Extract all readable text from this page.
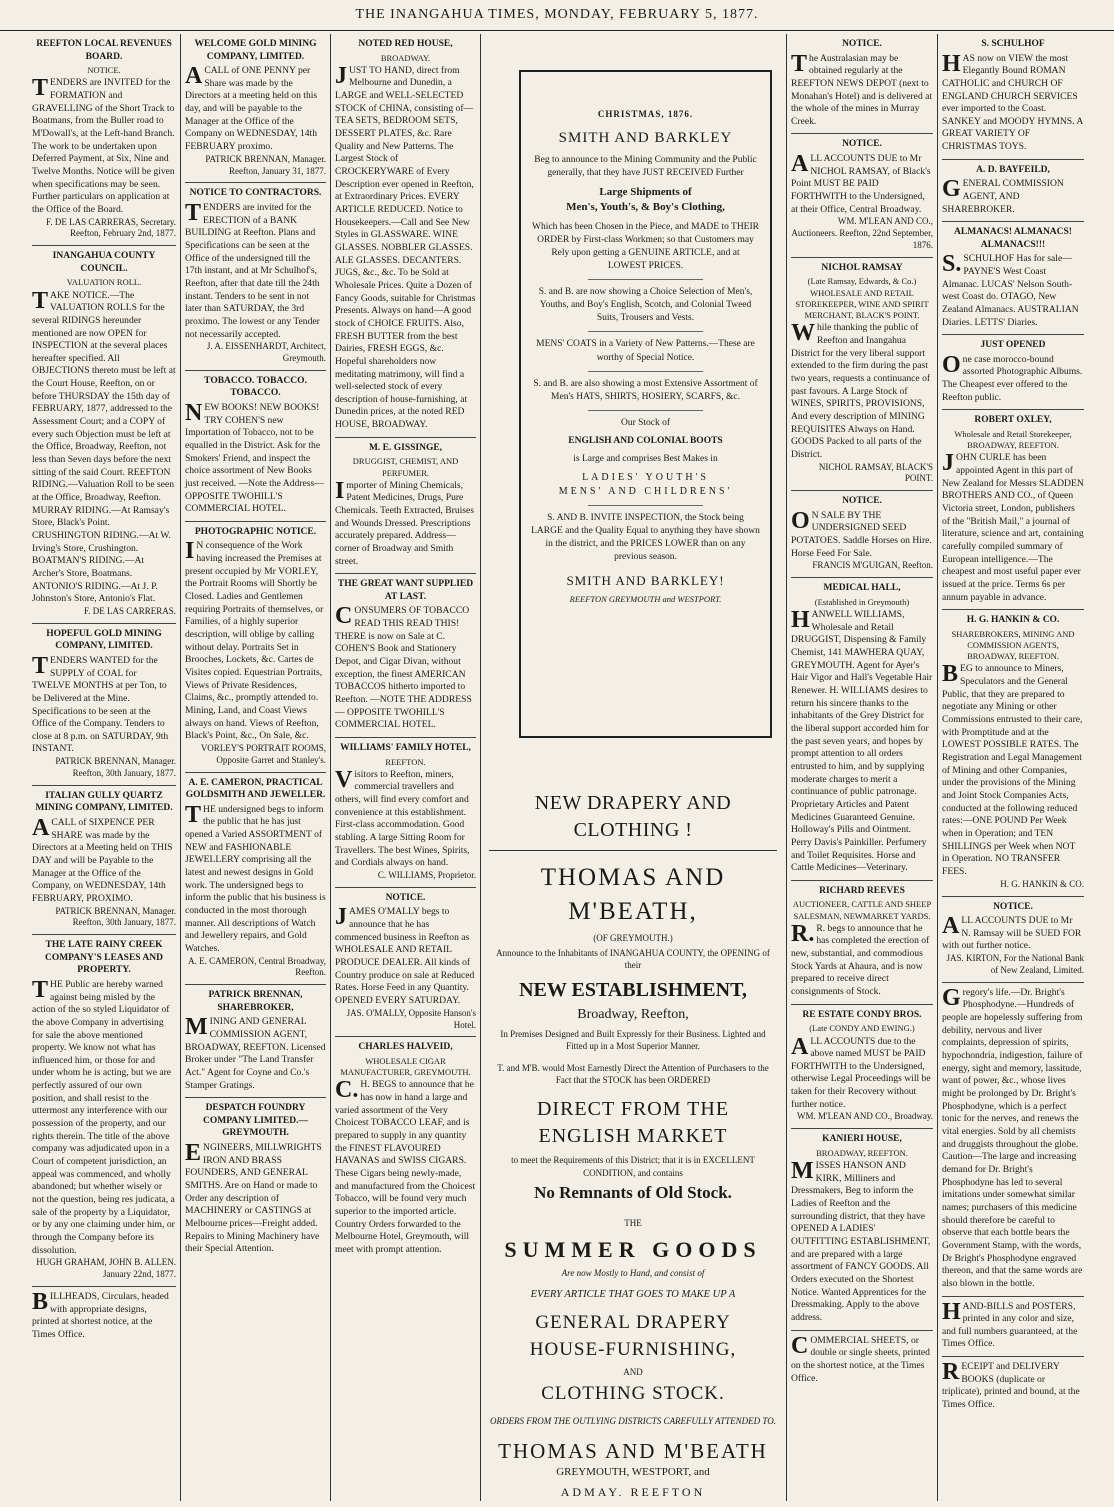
THE INANGAHUA TIMES, MONDAY, FEBRUARY 5, 1877.
REEFTON LOCAL REVENUES BOARD.
NOTICE.
TENDERS are INVITED for the FORMATION and GRAVELLING of the Short Track to Boatmans, from the Buller road to M'Dowall's, at the Left-hand Branch. The work to be undertaken upon Deferred Payment, at Six, Nine and Twelve Months. Notice will be given when specifications may be seen. Further particulars on application at the Office of the Board.
F. DE LAS CARRERAS, Secretary. Reefton, February 2nd, 1877.
INANGAHUA COUNTY COUNCIL.
VALUATION ROLL.
TAKE NOTICE.—The VALUATION ROLLS for the several RIDINGS hereunder mentioned are now OPEN for INSPECTION at the several places hereafter specified. All OBJECTIONS thereto must be left at the Court House, Reefton, on or before THURSDAY the 15th day of FEBRUARY, 1877, addressed to the Assessment Court; and a COPY of every such Objection must be left at the Office, Broadway, Reefton, not less than Seven days before the next sitting of the said Court. REEFTON RIDING.—Valuation Roll to be seen at the Office, Broadway, Reefton. MURRAY RIDING.—At Ramsay's Store, Black's Point. CRUSHINGTON RIDING.—At W. Irving's Store, Crushington. BOATMAN'S RIDING.—At Archer's Store, Boatmans. ANTONIO'S RIDING.—At J. P. Johnston's Store, Antonio's Flat.
F. DE LAS CARRERAS.
HOPEFUL GOLD MINING COMPANY, LIMITED.
TENDERS WANTED for the SUPPLY of COAL for TWELVE MONTHS at per Ton, to be Delivered at the Mine. Specifications to be seen at the Office of the Company. Tenders to close at 8 p.m. on SATURDAY, 9th INSTANT.
PATRICK BRENNAN, Manager. Reefton, 30th January, 1877.
ITALIAN GULLY QUARTZ MINING COMPANY, LIMITED.
ACALL of SIXPENCE PER SHARE was made by the Directors at a Meeting held on THIS DAY and will be Payable to the Manager at the Office of the Company, on WEDNESDAY, 14th FEBRUARY, PROXIMO.
PATRICK BRENNAN, Manager. Reefton, 30th January, 1877.
THE LATE RAINY CREEK COMPANY'S LEASES AND PROPERTY.
THE Public are hereby warned against being misled by the action of the so styled Liquidator of the above Company in advertising for sale the above mentioned property. We know not what has influenced him, or those for and under whom he is acting, but we are perfectly assured of our own position, and shall resist to the uttermost any interference with our possession of the property, and our rights therein. The title of the above company was adjudicated upon in a Court of competent jurisdiction, an appeal was commenced, and wholly abandoned; but whether wisely or not the question, being res judicata, a sale of the property by a Liquidator, or by any one claiming under him, or through the Company before its dissolution.
HUGH GRAHAM, JOHN B. ALLEN. January 22nd, 1877.
BILLHEADS, Circulars, headed with appropriate designs, printed at shortest notice, at the Times Office.
WELCOME GOLD MINING COMPANY, LIMITED.
ACALL of ONE PENNY per Share was made by the Directors at a meeting held on this day, and will be payable to the Manager at the Office of the Company on WEDNESDAY, 14th FEBRUARY proximo.
PATRICK BRENNAN, Manager. Reefton, January 31, 1877.
NOTICE TO CONTRACTORS.
TENDERS are invited for the ERECTION of a BANK BUILDING at Reefton. Plans and Specifications can be seen at the Office of the undersigned till the 17th instant, and at Mr Schulhof's, Reefton, after that date till the 24th instant. Tenders to be sent in not later than SATURDAY, the 3rd proximo. The lowest or any Tender not necessarily accepted.
J. A. EISSENHARDT, Architect, Greymouth.
TOBACCO. TOBACCO. TOBACCO.
NEW BOOKS! NEW BOOKS! TRY COHEN'S new Importation of Tobacco, not to be equalled in the District. Ask for the Smokers' Friend, and inspect the choice assortment of New Books just received. —Note the Address— OPPOSITE TWOHILL'S COMMERCIAL HOTEL.
PHOTOGRAPHIC NOTICE.
IN consequence of the Work having increased the Premises at present occupied by Mr VORLEY, the Portrait Rooms will Shortly be Closed. Ladies and Gentlemen requiring Portraits of themselves, or Families, of a highly superior description, will oblige by calling without delay. Portraits Set in Brooches, Lockets, &c. Cartes de Visites copied. Equestrian Portraits, Views of Private Residences, Claims, &c., promptly attended to. Mining, Land, and Coast Views always on hand. Views of Reefton, Black's Point, &c., On Sale, &c.
VORLEY'S PORTRAIT ROOMS, Opposite Garret and Stanley's.
A. E. CAMERON, PRACTICAL GOLDSMITH AND JEWELLER.
THE undersigned begs to inform the public that he has just opened a Varied ASSORTMENT of NEW and FASHIONABLE JEWELLERY comprising all the latest and newest designs in Gold work. The undersigned begs to inform the public that his business is conducted in the most thorough manner. All descriptions of Watch and Jewellery repairs, and Gold Watches.
A. E. CAMERON, Central Broadway, Reefton.
PATRICK BRENNAN, SHAREBROKER,
MINING AND GENERAL COMMISSION AGENT, BROADWAY, REEFTON. Licensed Broker under "The Land Transfer Act." Agent for Coyne and Co.'s Stamper Gratings.
DESPATCH FOUNDRY COMPANY LIMITED.—GREYMOUTH.
ENGINEERS, MILLWRIGHTS IRON AND BRASS FOUNDERS, AND GENERAL SMITHS. Are on Hand or made to Order any description of MACHINERY or CASTINGS at Melbourne prices—Freight added. Repairs to Mining Machinery have their Special Attention.
NOTED RED HOUSE,
BROADWAY.
JUST TO HAND, direct from Melbourne and Dunedin, a LARGE and WELL-SELECTED STOCK of CHINA, consisting of— TEA SETS, BEDROOM SETS, DESSERT PLATES, &c. Rare Quality and New Patterns. The Largest Stock of CROCKERYWARE of Every Description ever opened in Reefton, at Extraordinary Prices. EVERY ARTICLE REDUCED. Notice to Housekeepers.—Call and See New Styles in GLASSWARE. WINE GLASSES. NOBBLER GLASSES. ALE GLASSES. DECANTERS. JUGS, &c., &c. To be Sold at Wholesale Prices. Quite a Dozen of Fancy Goods, suitable for Christmas Presents. Always on hand—A good stock of CHOICE FRUITS. Also, FRESH BUTTER from the best Dairies, FRESH EGGS, &c. Hopeful shareholders now meditating matrimony, will find a well-selected stock of every description of house-furnishing, at Dunedin prices, at the noted RED HOUSE, BROADWAY.
M. E. GISSINGE,
DRUGGIST, CHEMIST, AND PERFUMER.
Importer of Mining Chemicals, Patent Medicines, Drugs, Pure Chemicals. Teeth Extracted, Bruises and Wounds Dressed. Prescriptions accurately prepared. Address—corner of Broadway and Smith street.
THE GREAT WANT SUPPLIED AT LAST.
CONSUMERS OF TOBACCO READ THIS READ THIS! THERE is now on Sale at C. COHEN'S Book and Stationery Depot, and Cigar Divan, without exception, the finest AMERICAN TOBACCOS hitherto imported to Reefton. —NOTE THE ADDRESS— OPPOSITE TWOHILL'S COMMERCIAL HOTEL.
WILLIAMS' FAMILY HOTEL,
REEFTON.
Visitors to Reefton, miners, commercial travellers and others, will find every comfort and convenience at this establishment. First-class accommodation. Good stabling. A large Sitting Room for Travellers. The best Wines, Spirits, and Cordials always on hand.
C. WILLIAMS, Proprietor.
NOTICE.
JAMES O'MALLY begs to announce that he has commenced business in Reefton as WHOLESALE AND RETAIL PRODUCE DEALER. All kinds of Country produce on sale at Reduced Rates. Horse Feed in any Quantity. OPENED EVERY SATURDAY.
JAS. O'MALLY, Opposite Hanson's Hotel.
CHARLES HALVEID,
WHOLESALE CIGAR MANUFACTURER, GREYMOUTH.
C.H. BEGS to announce that he has now in hand a large and varied assortment of the Very Choicest TOBACCO LEAF, and is prepared to supply in any quantity the FINEST FLAVOURED HAVANAS and SWISS CIGARS. These Cigars being newly-made, and manufactured from the Choicest Tobacco, will be found very much superior to the imported article. Country Orders forwarded to the Melbourne Hotel, Greymouth, will meet with prompt attention.
NOTICE.
The Australasian may be obtained regularly at the REEFTON NEWS DEPOT (next to Monahan's Hotel) and is delivered at the whole of the mines in Murray Creek.
NOTICE.
ALL ACCOUNTS DUE to Mr NICHOL RAMSAY, of Black's Point MUST BE PAID FORTHWITH to the Undersigned, at their Office, Central Broadway.
WM. M'LEAN AND CO., Auctioneers. Reefton, 22nd September, 1876.
NICHOL RAMSAY
(Late Ramsay, Edwards, & Co.) WHOLESALE AND RETAIL STOREKEEPER, WINE AND SPIRIT MERCHANT, BLACK'S POINT.
While thanking the public of Reefton and Inangahua District for the very liberal support extended to the firm during the past two years, requests a continuance of past favours. A Large Stock of WINES, SPIRITS, PROVISIONS, And every description of MINING REQUISITES Always on Hand. GOODS Packed to all parts of the District.
NICHOL RAMSAY, BLACK'S POINT.
NOTICE.
ON SALE BY THE UNDERSIGNED SEED POTATOES. Saddle Horses on Hire. Horse Feed For Sale.
FRANCIS M'GUIGAN, Reefton.
MEDICAL HALL,
(Established in Greymouth)
HANWELL WILLIAMS, Wholesale and Retail DRUGGIST, Dispensing & Family Chemist, 141 MAWHERA QUAY, GREYMOUTH. Agent for Ayer's Hair Vigor and Hall's Vegetable Hair Renewer. H. WILLIAMS desires to return his sincere thanks to the inhabitants of the Grey District for the liberal support accorded him for the past seven years, and hopes by prompt attention to all orders entrusted to him, and by supplying moderate charges to merit a continuance of public patronage. Proprietary Articles and Patent Medicines Guaranteed Genuine. Holloway's Pills and Ointment. Perry Davis's Painkiller. Perfumery and Toilet Requisites. Horse and Cattle Medicines—Veterinary.
RICHARD REEVES
AUCTIONEER, CATTLE AND SHEEP SALESMAN, NEWMARKET YARDS.
R.R. begs to announce that he has completed the erection of new, substantial, and commodious Stock Yards at Ahaura, and is now prepared to receive direct consignments of Stock.
RE ESTATE CONDY BROS.
(Late CONDY AND EWING.)
ALL ACCOUNTS due to the above named MUST be PAID FORTHWITH to the Undersigned, otherwise Legal Proceedings will be taken for their Recovery without further notice.
WM. M'LEAN AND CO., Broadway.
KANIERI HOUSE,
BROADWAY, REEFTON.
MISSES HANSON AND KIRK, Milliners and Dressmakers, Beg to inform the Ladies of Reefton and the surrounding district, that they have OPENED A LADIES' OUTFITTING ESTABLISHMENT, and are prepared with a large assortment of FANCY GOODS. All Orders executed on the Shortest Notice. Wanted Apprentices for the Dressmaking. Apply to the above address.
COMMERCIAL SHEETS, or double or single sheets, printed on the shortest notice, at the Times Office.
S. SCHULHOF
HAS now on VIEW the most Elegantly Bound ROMAN CATHOLIC and CHURCH OF ENGLAND CHURCH SERVICES ever imported to the Coast. SANKEY and MOODY HYMNS. A GREAT VARIETY OF CHRISTMAS TOYS.
A. D. BAYFEILD,
GENERAL COMMISSION AGENT, AND SHAREBROKER.
ALMANACS! ALMANACS! ALMANACS!!!
S.SCHULHOF Has for sale— PAYNE'S West Coast Almanac. LUCAS' Nelson South-west Coast do. OTAGO, New Zealand Almanacs. AUSTRALIAN Diaries. LETTS' Diaries.
JUST OPENED
One case morocco-bound assorted Photographic Albums. The Cheapest ever offered to the Reefton public.
ROBERT OXLEY,
Wholesale and Retail Storekeeper, BROADWAY, REEFTON.
JOHN CURLE has been appointed Agent in this part of New Zealand for Messrs SLADDEN BROTHERS AND CO., of Queen Victoria street, London, publishers of the "British Mail," a journal of literature, science and art, containing carefully compiled summary of European intelligence.—The cheapest and most useful paper ever issued at the price. Terms 6s per annum payable in advance.
H. G. HANKIN & CO.
SHAREBROKERS, MINING AND COMMISSION AGENTS, BROADWAY, REEFTON.
BEG to announce to Miners, Speculators and the General Public, that they are prepared to negotiate any Mining or other Commissions entrusted to their care, with Promptitude and at the LOWEST POSSIBLE RATES. The Registration and Legal Management of Mining and other Companies, under the provisions of the Mining and Joint Stock Companies Acts, conducted at the following reduced rates:—ONE POUND Per Week when in Operation; and TEN SHILLINGS per Week when NOT in Operation. NO TRANSFER FEES.
H. G. HANKIN & CO.
NOTICE.
ALL ACCOUNTS DUE to Mr N. Ramsay will be SUED FOR with out further notice.
JAS. KIRTON, For the National Bank of New Zealand, Limited.
Gregory's life.—Dr. Bright's Phosphodyne.—Hundreds of people are hopelessly suffering from debility, nervous and liver complaints, depression of spirits, hypochondria, indigestion, failure of energy, sight and memory, lassitude, want of power, &c., whose lives might be prolonged by Dr. Bright's Phosphodyne, which is a perfect tonic for the nerves, and renews the vital energies. Sold by all chemists and druggists throughout the globe. Caution—The large and increasing demand for Dr. Bright's Phosphodyne has led to several imitations under somewhat similar names; purchasers of this medicine should therefore be careful to observe that each bottle bears the Government Stamp, with the words, Dr Bright's Phosphodyne engraved thereon, and that the same words are also blown in the bottle.
HAND-BILLS and POSTERS, printed in any color and size, and full numbers guaranteed, at the Times Office.
RECEIPT and DELIVERY BOOKS (duplicate or triplicate), printed and bound, at the Times Office.
CHRISTMAS, 1876.
SMITH AND BARKLEY
Beg to announce to the Mining Community and the Public generally, that they have JUST RECEIVED Further
Large Shipments of
Men's, Youth's, & Boy's Clothing,
Which has been Chosen in the Piece, and MADE to THEIR ORDER by First-class Workmen; so that Customers may Rely upon getting a GENUINE ARTICLE, and at LOWEST PRICES.
S. and B. are now showing a Choice Selection of Men's, Youths, and Boy's English, Scotch, and Colonial Tweed Suits, Trousers and Vests.
MENS' COATS in a Variety of New Patterns.—These are worthy of Special Notice.
S. and B. are also showing a most Extensive Assortment of Men's HATS, SHIRTS, HOSIERY, SCARFS, &c.
Our Stock of
ENGLISH AND COLONIAL BOOTS
is Large and comprises Best Makes in
LADIES' YOUTH'S
MENS' AND CHILDRENS'
S. AND B. INVITE INSPECTION, the Stock being LARGE and the Quality Equal to anything they have shown in the district, and the PRICES LOWER than on any previous season.
SMITH AND BARKLEY!
REEFTON GREYMOUTH and WESTPORT.
NEW DRAPERY AND CLOTHING !
THOMAS AND M'BEATH,
(OF GREYMOUTH.)
Announce to the Inhabitants of INANGAHUA COUNTY, the OPENING of their
NEW ESTABLISHMENT,
Broadway, Reefton,
In Premises Designed and Built Expressly for their Business. Lighted and Fitted up in a Most Superior Manner.
T. and M'B. would Most Earnestly Direct the Attention of Purchasers to the Fact that the STOCK has been ORDERED
DIRECT FROM THE ENGLISH MARKET
to meet the Requirements of this District; that it is in EXCELLENT CONDITION, and contains
No Remnants of Old Stock.
THE
SUMMER GOODS
Are now Mostly to Hand, and consist of
EVERY ARTICLE THAT GOES TO MAKE UP A
GENERAL DRAPERY
HOUSE-FURNISHING,
AND
CLOTHING STOCK.
ORDERS FROM THE OUTLYING DISTRICTS CAREFULLY ATTENDED TO.
THOMAS AND M'BEATH
GREYMOUTH, WESTPORT, and
ADMAY. REEFTON
